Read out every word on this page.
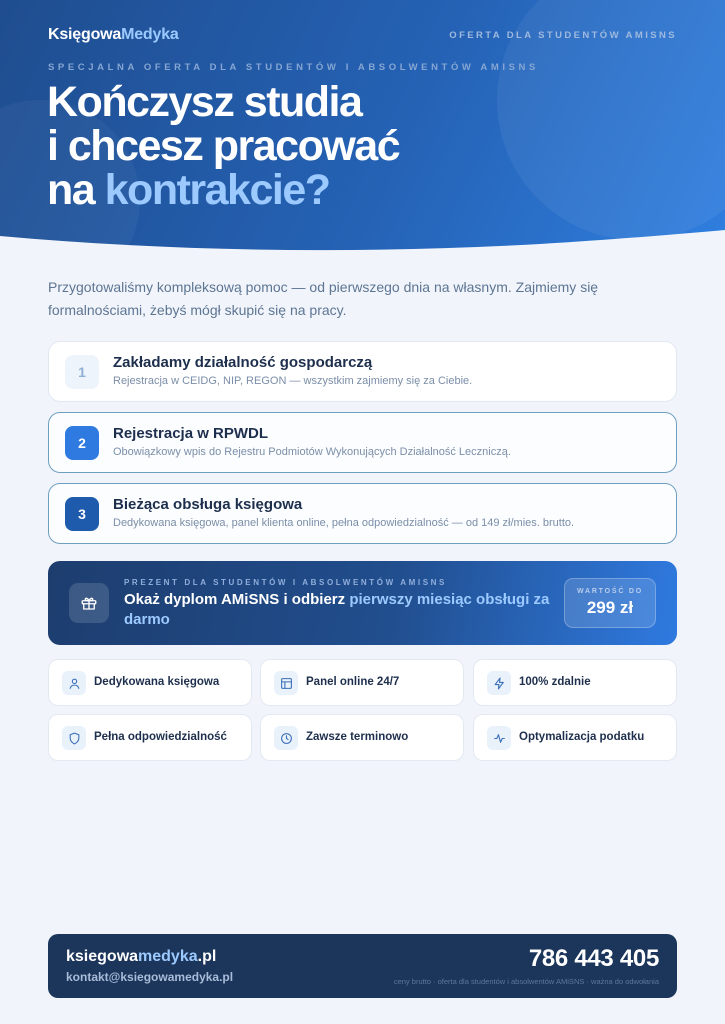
KsięgowaMedyka	OFERTA DLA STUDENTÓW AMISNS
SPECJALNA OFERTA DLA STUDENTÓW I ABSOLWENTÓW AMISNS
Kończysz studia
i chcesz pracować
na kontrakcie?

Przygotowaliśmy kompleksową pomoc — od pierwszego dnia na własnym. Zajmiemy się formalnościami, żebyś mógł skupić się na pracy.

1
Zakładamy działalność gospodarczą
Rejestracja w CEIDG, NIP, REGON — wszystkim zajmiemy się za Ciebie.
2
Rejestracja w RPWDL
Obowiązkowy wpis do Rejestru Podmiotów Wykonujących Działalność Leczniczą.
3
Bieżąca obsługa księgowa
Dedykowana księgowa, panel klienta online, pełna odpowiedzialność — od 149 zł/mies. brutto.
PREZENT DLA STUDENTÓW I ABSOLWENTÓW AMISNS
Okaż dyplom AMiSNS i odbierz pierwszy miesiąc obsługi za darmo
WARTOŚĆ DO
299 zł
Dedykowana księgowa	Panel online 24/7	100% zdalnie
Pełna odpowiedzialność	Zawsze terminowo	Optymalizacja podatku
ksiegowamedyka.pl
kontakt@ksiegowamedyka.pl
786 443 405
ceny brutto · oferta dla studentów i absolwentów AMiSNS · ważna do odwołania
